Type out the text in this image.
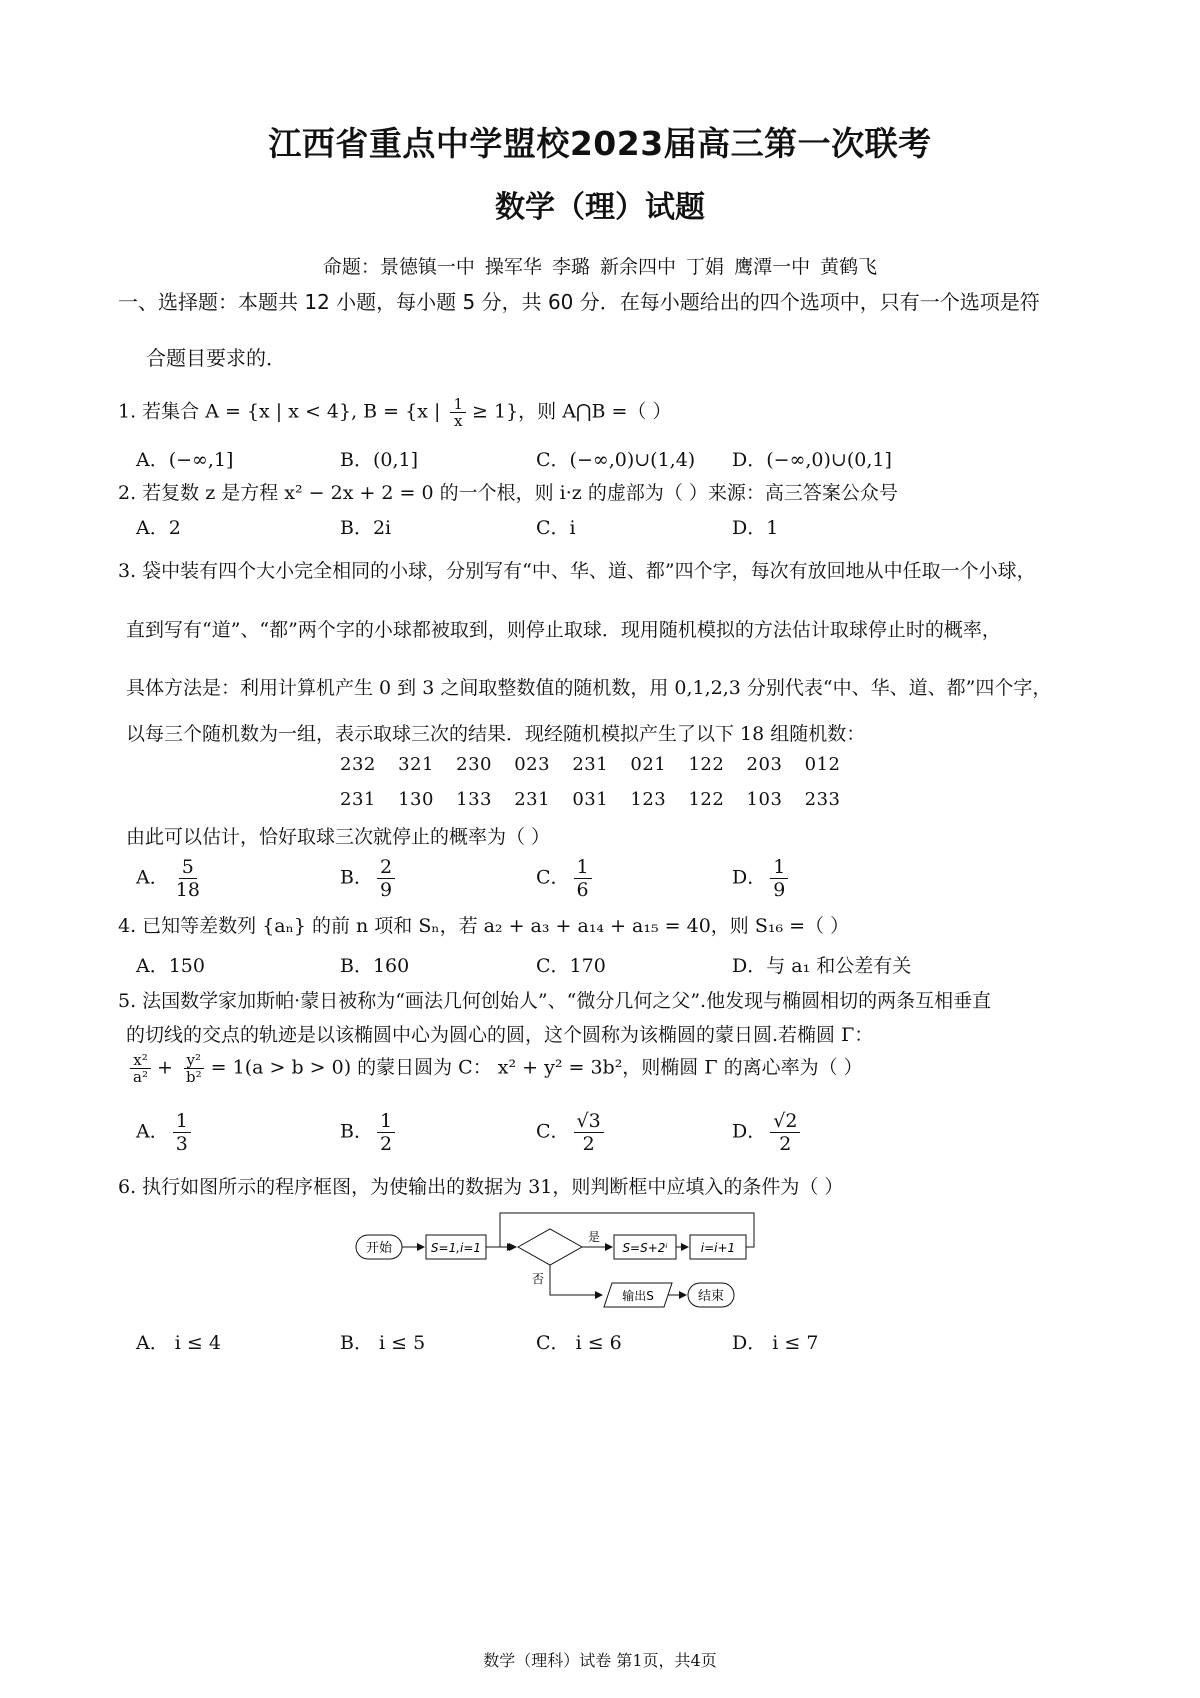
江西省重点中学盟校2023届高三第一次联考
数学（理）试题
命题：景德镇一中 操军华 李璐 新余四中 丁娟 鹰潭一中 黄鹤飞
一、选择题：本题共 12 小题，每小题 5 分，共 60 分．在每小题给出的四个选项中，只有一个选项是符
合题目要求的．
1. 若集合 A = {x | x < 4}, B = {x | $\frac{1}{x} \ge 1$}，则 A⋂B =（ ）
A．(−∞,1]	B．(0,1]	C．(−∞,0)∪(1,4) D．(−∞,0)∪(0,1]
2. 若复数 z 是方程 x² − 2x + 2 = 0 的一个根，则 i·z 的虚部为（ ）来源：高三答案公众号
A．2	B．2i	C．i	D．1
3. 袋中装有四个大小完全相同的小球，分别写有“中、华、道、都”四个字，每次有放回地从中任取一个小球，
直到写有“道”、“都”两个字的小球都被取到，则停止取球．现用随机模拟的方法估计取球停止时的概率，
具体方法是：利用计算机产生 0 到 3 之间取整数值的随机数，用 0,1,2,3 分别代表“中、华、道、都”四个字，
以每三个随机数为一组，表示取球三次的结果．现经随机模拟产生了以下 18 组随机数：
232 321 230 023 231 021 122 203 012
231 130 133 231 031 123 122 103 233
由此可以估计，恰好取球三次就停止的概率为（ ）
A． $\frac{5}{18}$	B． $\frac{2}{9}$	C． $\frac{1}{6}$	D． $\frac{1}{9}$
4. 已知等差数列 {aₙ} 的前 n 项和 Sₙ，若 a₂ + a₃ + a₁₄ + a₁₅ = 40，则 S₁₆ =（ ）
A．150	B．160	C．170	D．与 a₁ 和公差有关
5. 法国数学家加斯帕·蒙日被称为“画法几何创始人”、“微分几何之父”.他发现与椭圆相切的两条互相垂直
的切线的交点的轨迹是以该椭圆中心为圆心的圆，这个圆称为该椭圆的蒙日圆.若椭圆 Γ：
$\frac{\text{x²}}{\text{a²}} + \frac{\text{y²}}{\text{b²}} = 1(a > b > 0)$ 的蒙日圆为 C： x² + y² = 3b²，则椭圆 Γ 的离心率为（ ）
A． $\frac{1}{3}$	B． $\frac{1}{2}$	C． $\frac{√3}{2}$	D． $\frac{√2}{2}$
6. 执行如图所示的程序框图，为使输出的数据为 31，则判断框中应填入的条件为（ ）
开始	S=1,i=1
是
S=S+2ⁱ	i=i+1
否
输出S	结束
A． i ≤ 4	B． i ≤ 5	C． i ≤ 6	D． i ≤ 7
数学（理科）试卷 第1页，共4页
